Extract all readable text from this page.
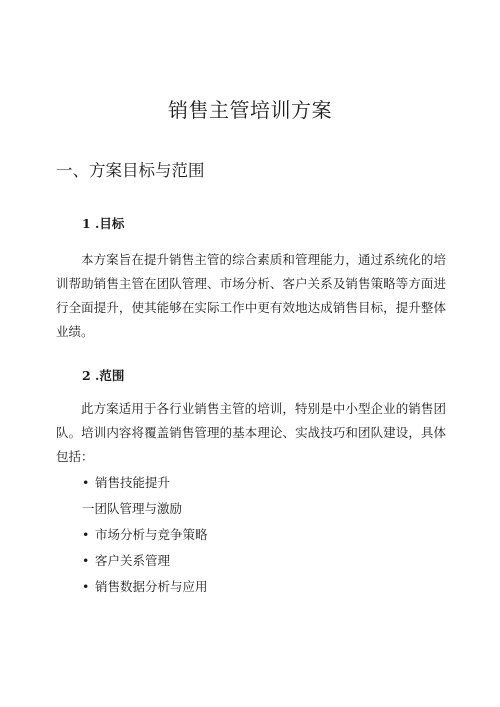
销售主管培训方案
一、方案目标与范围
1 .目标

本方案旨在提升销售主管的综合素质和管理能力，通过系统化的培训帮助销售主管在团队管理、市场分析、客户关系及销售策略等方面进行全面提升，使其能够在实际工作中更有效地达成销售目标，提升整体业绩。

2 .范围

此方案适用于各行业销售主管的培训，特别是中小型企业的销售团队。培训内容将覆盖销售管理的基本理论、实战技巧和团队建设，具体包括：

• 销售技能提升
一团队管理与激励
• 市场分析与竞争策略
• 客户关系管理
• 销售数据分析与应用
